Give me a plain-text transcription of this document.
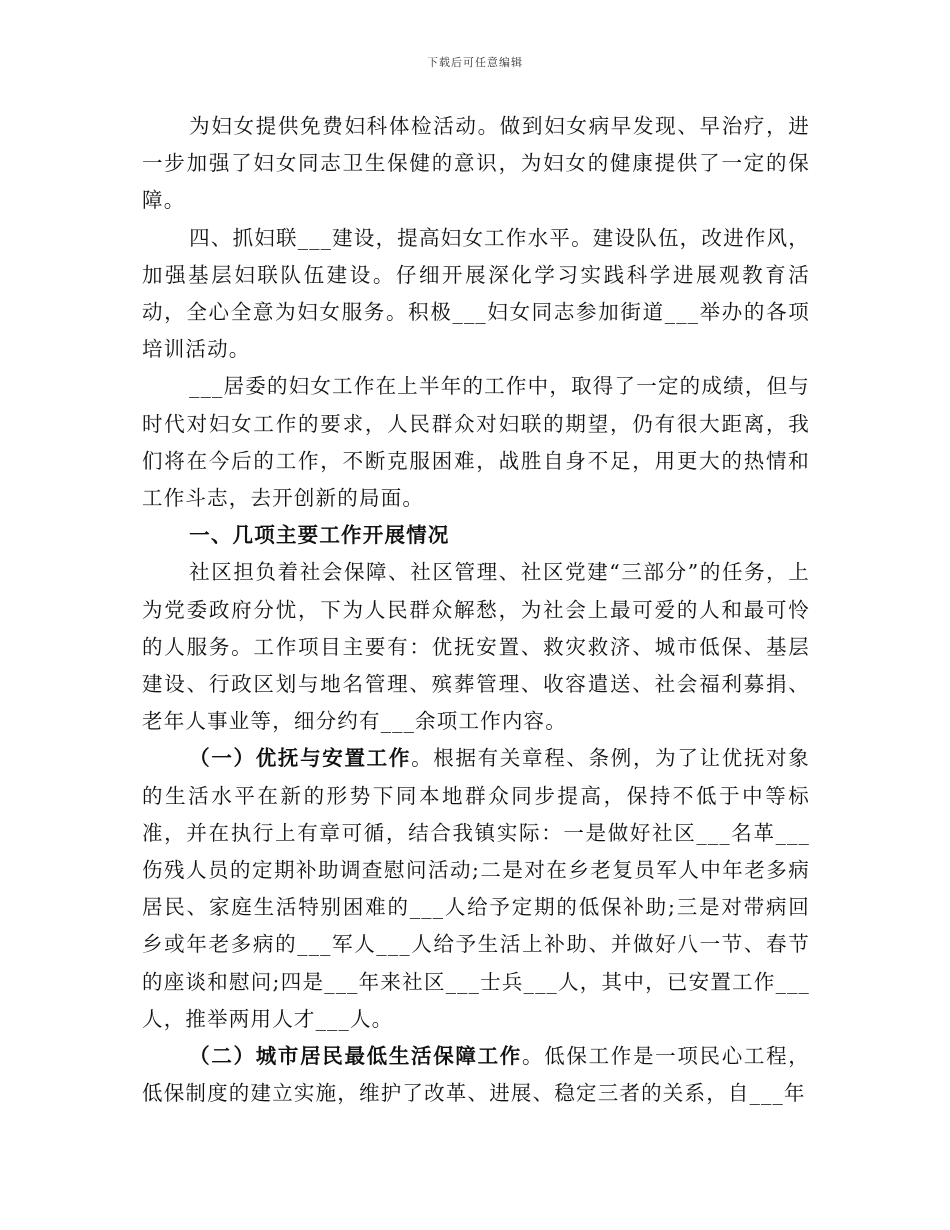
下载后可任意编辑

为妇女提供免费妇科体检活动。做到妇女病早发现、早治疗，进一步加强了妇女同志卫生保健的意识，为妇女的健康提供了一定的保障。

四、抓妇联___建设，提高妇女工作水平。建设队伍，改进作风，加强基层妇联队伍建设。仔细开展深化学习实践科学进展观教育活动，全心全意为妇女服务。积极___妇女同志参加街道___举办的各项培训活动。

___居委的妇女工作在上半年的工作中，取得了一定的成绩，但与时代对妇女工作的要求，人民群众对妇联的期望，仍有很大距离，我们将在今后的工作，不断克服困难，战胜自身不足，用更大的热情和工作斗志，去开创新的局面。

一、几项主要工作开展情况

社区担负着社会保障、社区管理、社区党建“三部分”的任务，上为党委政府分忧，下为人民群众解愁，为社会上最可爱的人和最可怜的人服务。工作项目主要有：优抚安置、救灾救济、城市低保、基层建设、行政区划与地名管理、殡葬管理、收容遣送、社会福利募捐、老年人事业等，细分约有___余项工作内容。

（一）优抚与安置工作。根据有关章程、条例，为了让优抚对象的生活水平在新的形势下同本地群众同步提高，保持不低于中等标准，并在执行上有章可循，结合我镇实际：一是做好社区___名革___伤残人员的定期补助调查慰问活动;二是对在乡老复员军人中年老多病居民、家庭生活特别困难的___人给予定期的低保补助;三是对带病回乡或年老多病的___军人___人给予生活上补助、并做好八一节、春节的座谈和慰问;四是___年来社区___士兵___人，其中，已安置工作___人，推举两用人才___人。

（二）城市居民最低生活保障工作。低保工作是一项民心工程，低保制度的建立实施，维护了改革、进展、稳定三者的关系，自___年
